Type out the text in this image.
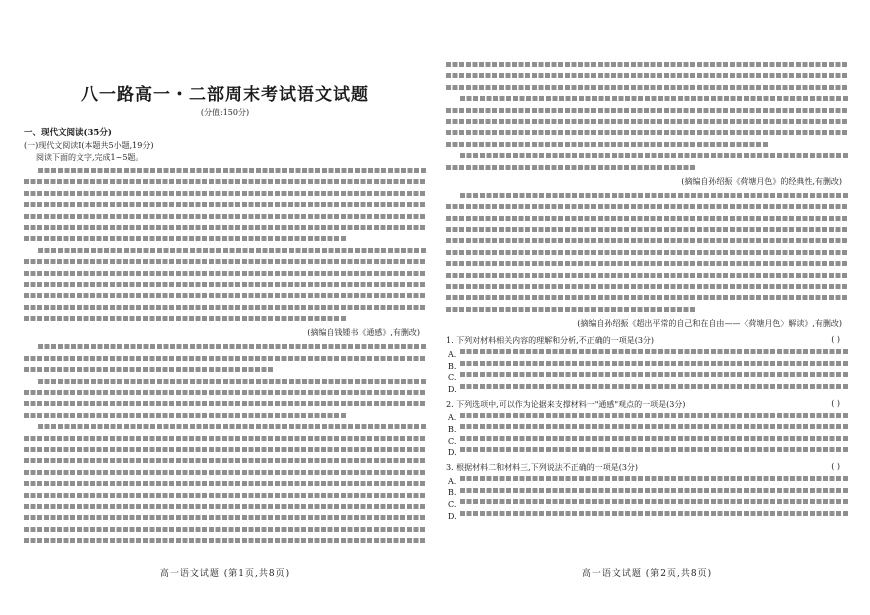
八一路高一・二部周末考试语文试题
(分值:150分)
一、现代文阅读(35分)
(一)现代文阅读Ⅰ(本题共5小题,19分)
阅读下面的文字,完成1~5题。
(摘编自钱锺书《通感》,有删改)
(摘编自孙绍振《荷塘月色》的经典性,有删改)
(摘编自孙绍振《超出平常的自己和在自由——〈荷塘月色〉解读》,有删改)
1. 下列对材料相关内容的理解和分析,不正确的一项是(3分)	( )
A.
B.
C.
D.
2. 下列选项中,可以作为论据来支撑材料一"通感"观点的一项是(3分)	( )
A.
B.
C.
D.
3. 根据材料二和材料三,下列说法不正确的一项是(3分)	( )
A.
B.
C.
D.
高一语文试题 (第1页,共8页)	高一语文试题 (第2页,共8页)
